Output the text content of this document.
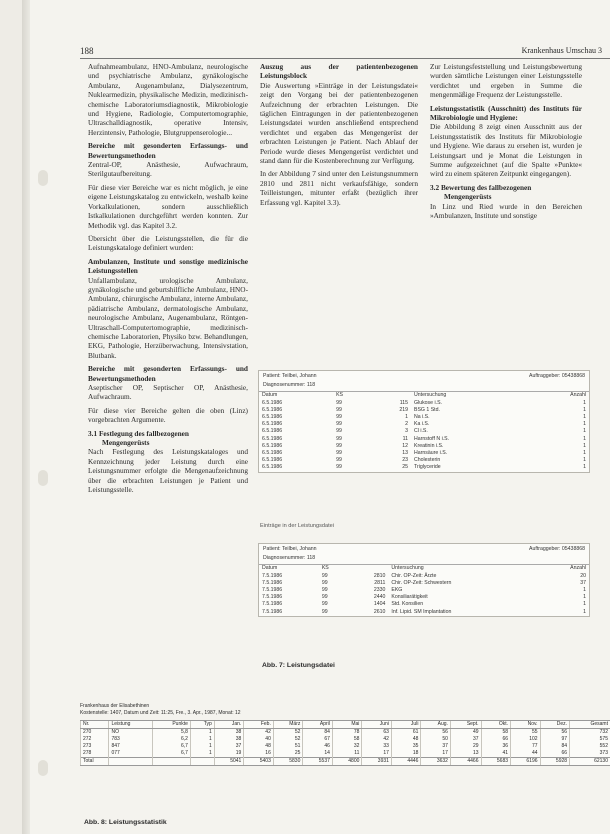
188	Krankenhaus Umschau 3

Aufnahmeambulanz, HNO-Ambulanz, neurologische und psychiatrische Ambulanz, gynäkologische Ambulanz, Augenambulanz, Dialysezentrum, Nuklearmedizin, physikalische Medizin, medizinisch-chemische Laboratoriumsdiagnostik, Mikrobiologie und Hygiene, Radiologie, Computertomographie, Ultraschalldiagnostik, operative Intensiv, Herzintensiv, Pathologie, Blutgruppenserologie...

Bereiche mit gesonderten Erfassungs- und Bewertungsmethoden

Zentral-OP, Anästhesie, Aufwachraum, Sterilgutaufbereitung.

Für diese vier Bereiche war es nicht möglich, je eine eigene Leistungskatalog zu entwickeln, weshalb keine Vorkalkulationen, sondern ausschließlich Istkalkulationen durchgeführt werden konnten. Zur Methodik vgl. das Kapitel 3.2.

Übersicht über die Leistungsstellen, die für die Leistungskataloge definiert wurden:

Ambulanzen, Institute und sonstige medizinische Leistungsstellen

Unfallambulanz, urologische Ambulanz, gynäkologische und geburtshilfliche Ambulanz, HNO-Ambulanz, chirurgische Ambulanz, interne Ambulanz, pädiatrische Ambulanz, dermatologische Ambulanz, neurologische Ambulanz, Augenambulanz, Röntgen-Ultraschall-Computertomographie, medizinisch-chemische Laboratorien, Physiko bzw. Behandlungen, EKG, Pathologie, Herzüberwachung, Intensivstation, Blutbank.

Bereiche mit gesonderten Erfassungs- und Bewertungsmethoden

Aseptischer OP, Septischer OP, Anästhesie, Aufwachraum.

Für diese vier Bereiche gelten die oben (Linz) vorgebrachten Argumente.

3.1 Festlegung des fallbezogenen

Mengengerüsts

Nach Festlegung des Leistungskataloges und Kennzeichnung jeder Leistung durch eine Leistungsnummer erfolgte die Mengenaufzeichnung über die erbrachten Leistungen je Patient und Leistungsstelle.

Auszug aus der patientenbezogenen Leistungsblock

Die Auswertung »Einträge in der Leistungsdatei« zeigt den Vorgang bei der patientenbezogenen Aufzeichnung der erbrachten Leistungen. Die täglichen Eintragungen in der patientenbezogenen Leistungsdatei wurden anschließend entsprechend verdichtet und ergaben das Mengengerüst der erbrachten Leistungen je Patient. Nach Ablauf der Periode wurde dieses Mengengerüst verdichtet und stand dann für die Kostenberechnung zur Verfügung.

In der Abbildung 7 sind unter den Leistungsnummern 2810 und 2811 nicht verkaufsfähige, sondern Teilleistungen, mitunter erfaßt (bezüglich ihrer Erfassung vgl. Kapitel 3.3).

Zur Leistungsfeststellung und Leistungsbewertung wurden sämtliche Leistungen einer Leistungsstelle verdichtet und ergeben in Summe die mengenmäßige Frequenz der Leistungsstelle.

Leistungsstatistik (Ausschnitt) des Instituts für Mikrobiologie und Hygiene:

Die Abbildung 8 zeigt einen Ausschnitt aus der Leistungsstatistik des Instituts für Mikrobiologie und Hygiene. Wie daraus zu ersehen ist, wurden je Leistungsart und je Monat die Leistungen in Summe aufgezeichnet (auf die Spalte »Punkte« wird zu einem späteren Zeitpunkt eingegangen).

3.2 Bewertung des fallbezogenen

Mengengerüsts

In Linz und Ried wurde in den Bereichen »Ambulanzen, Institute und sonstige

Patient: Teilbei, Johann	Auftraggeber: 05438868
Diagnosenummer: 118
Datum	KS		Untersuchung	Anzahl
6.5.1986	99	115	Glukose i.S.	1
6.5.1986	99	219	BSG 1 Std.	1
6.5.1986	99	1	Na i.S.	1
6.5.1986	99	2	Ka i.S.	1
6.5.1986	99	3	Cl i.S.	1
6.5.1986	99	11	Harnstoff N i.S.	1
6.5.1986	99	12	Kreatinin i.S.	1
6.5.1986	99	13	Harnsäure i.S.	1
6.5.1986	99	23	Cholesterin	1
6.5.1986	99	25	Triglyceride	1
Einträge in der Leistungsdatei
Patient: Teilbei, Johann	Auftraggeber: 05438868
Diagnosenummer: 118
Datum	KS		Untersuchung	Anzahl
7.5.1986	99	2810	Chir. OP-Zeit: Ärzte	20
7.5.1986	99	2811	Chir. OP-Zeit: Schwestern	37
7.5.1986	99	2330	EKG	1
7.5.1986	99	2440	Konsiliarätigkeit	1
7.5.1986	99	1404	Std. Konsilien	1
7.5.1986	99	2610	Inf. Lipid. SM Implantation	1
Abb. 7: Leistungsdatei
Frankenhaus der Elisabethinen
Kostenstelle: 1407, Datum und Zeit: 11:25, Fre., 3. Apr., 1987, Monat: 12
Nr.	Leistung	Punkte	Typ	Jan.	Feb.	März	April	Mai	Juni	Juli	Aug.	Sept.	Okt.	Nov.	Dez.	Gesamt
270	NO	5,8	1	38	42	52	84	78	63	61	56	49	58	55	56	732
272	783	6,2	1	38	40	52	67	58	42	48	50	37	66	102	97	575
273	847	6,7	1	37	48	51	46	32	33	35	37	29	36	77	84	552
278	077	6,7	1	19	16	25	14	11	17	18	17	13	41	44	66	373
Total				5041	5403	5830	5537	4800	3931	4446	3632	4466	5683	6196	5928	62130
Abb. 8: Leistungsstatistik
